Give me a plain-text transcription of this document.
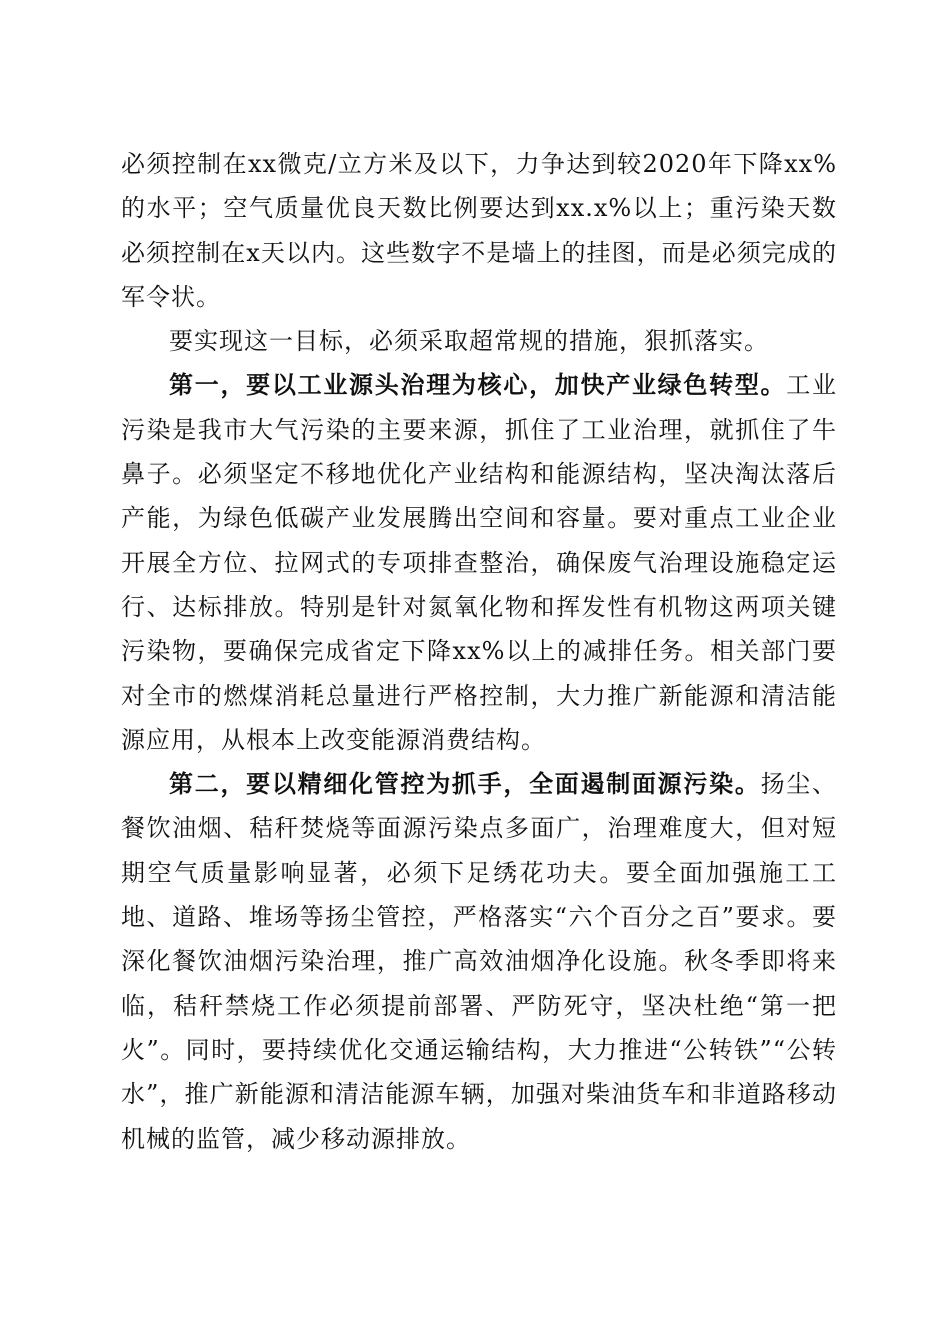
必须控制在xx微克/立方米及以下，力争达到较2020年下降xx%的水平；空气质量优良天数比例要达到xx.x%以上；重污染天数必须控制在x天以内。这些数字不是墙上的挂图，而是必须完成的军令状。

要实现这一目标，必须采取超常规的措施，狠抓落实。

第一，要以工业源头治理为核心，加快产业绿色转型。工业污染是我市大气污染的主要来源，抓住了工业治理，就抓住了牛鼻子。必须坚定不移地优化产业结构和能源结构，坚决淘汰落后产能，为绿色低碳产业发展腾出空间和容量。要对重点工业企业开展全方位、拉网式的专项排查整治，确保废气治理设施稳定运行、达标排放。特别是针对氮氧化物和挥发性有机物这两项关键污染物，要确保完成省定下降xx%以上的减排任务。相关部门要对全市的燃煤消耗总量进行严格控制，大力推广新能源和清洁能源应用，从根本上改变能源消费结构。

第二，要以精细化管控为抓手，全面遏制面源污染。扬尘、餐饮油烟、秸秆焚烧等面源污染点多面广，治理难度大，但对短期空气质量影响显著，必须下足绣花功夫。要全面加强施工工地、道路、堆场等扬尘管控，严格落实“六个百分之百”要求。要深化餐饮油烟污染治理，推广高效油烟净化设施。秋冬季即将来临，秸秆禁烧工作必须提前部署、严防死守，坚决杜绝“第一把火”。同时，要持续优化交通运输结构，大力推进“公转铁”“公转水”，推广新能源和清洁能源车辆，加强对柴油货车和非道路移动机械的监管，减少移动源排放。
